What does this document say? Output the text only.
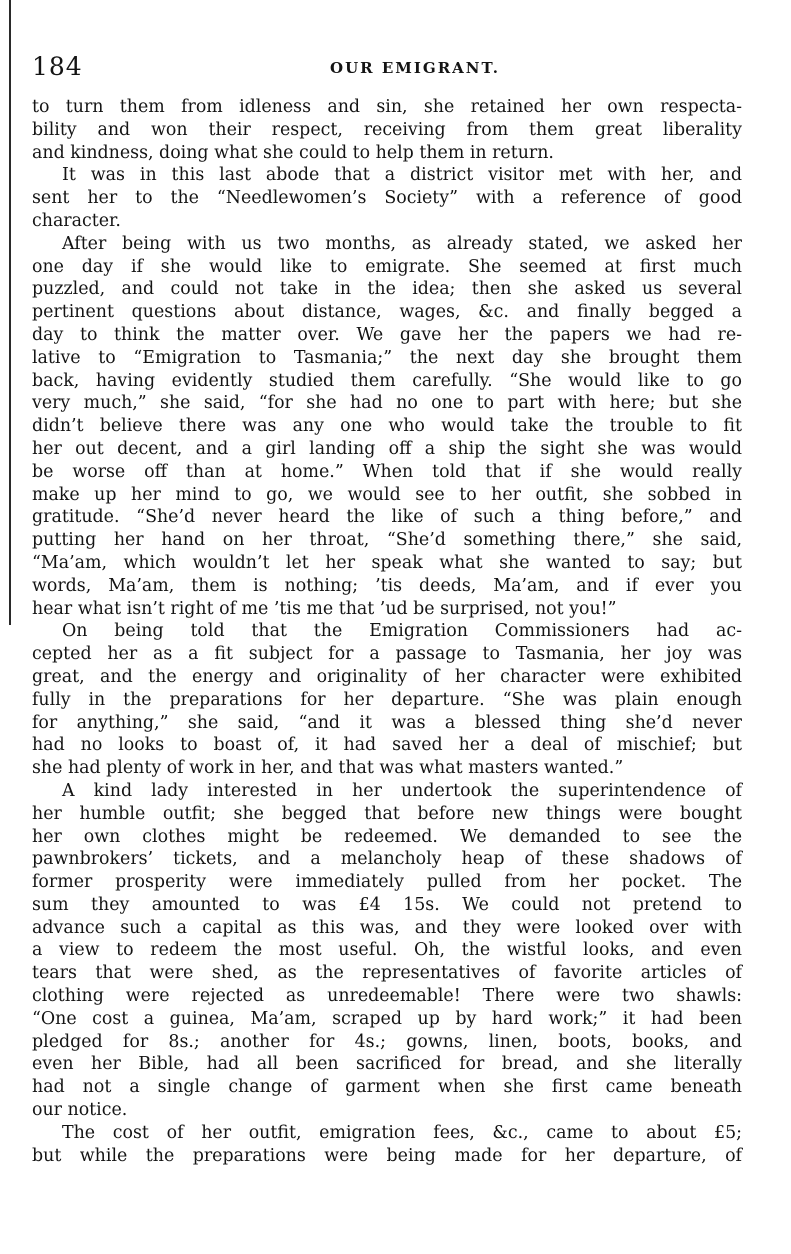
184	OUR EMIGRANT.
to turn them from idleness and sin, she retained her own respecta-
bility and won their respect, receiving from them great liberality
and kindness, doing what she could to help them in return.
It was in this last abode that a district visitor met with her, and
sent her to the “Needlewomen’s Society” with a reference of good
character.
After being with us two months, as already stated, we asked her
one day if she would like to emigrate. She seemed at first much
puzzled, and could not take in the idea; then she asked us several
pertinent questions about distance, wages, &c. and finally begged a
day to think the matter over. We gave her the papers we had re-
lative to “Emigration to Tasmania;” the next day she brought them
back, having evidently studied them carefully. “She would like to go
very much,” she said, “for she had no one to part with here; but she
didn’t believe there was any one who would take the trouble to fit
her out decent, and a girl landing off a ship the sight she was would
be worse off than at home.” When told that if she would really
make up her mind to go, we would see to her outfit, she sobbed in
gratitude. “She’d never heard the like of such a thing before,” and
putting her hand on her throat, “She’d something there,” she said,
“Ma’am, which wouldn’t let her speak what she wanted to say; but
words, Ma’am, them is nothing; ’tis deeds, Ma’am, and if ever you
hear what isn’t right of me ’tis me that ’ud be surprised, not you!”
On being told that the Emigration Commissioners had ac-
cepted her as a fit subject for a passage to Tasmania, her joy was
great, and the energy and originality of her character were exhibited
fully in the preparations for her departure. “She was plain enough
for anything,” she said, “and it was a blessed thing she’d never
had no looks to boast of, it had saved her a deal of mischief; but
she had plenty of work in her, and that was what masters wanted.”
A kind lady interested in her undertook the superintendence of
her humble outfit; she begged that before new things were bought
her own clothes might be redeemed. We demanded to see the
pawnbrokers’ tickets, and a melancholy heap of these shadows of
former prosperity were immediately pulled from her pocket. The
sum they amounted to was £4 15s. We could not pretend to
advance such a capital as this was, and they were looked over with
a view to redeem the most useful. Oh, the wistful looks, and even
tears that were shed, as the representatives of favorite articles of
clothing were rejected as unredeemable! There were two shawls:
“One cost a guinea, Ma’am, scraped up by hard work;” it had been
pledged for 8s.; another for 4s.; gowns, linen, boots, books, and
even her Bible, had all been sacrificed for bread, and she literally
had not a single change of garment when she first came beneath
our notice.
The cost of her outfit, emigration fees, &c., came to about £5;
but while the preparations were being made for her departure, of
